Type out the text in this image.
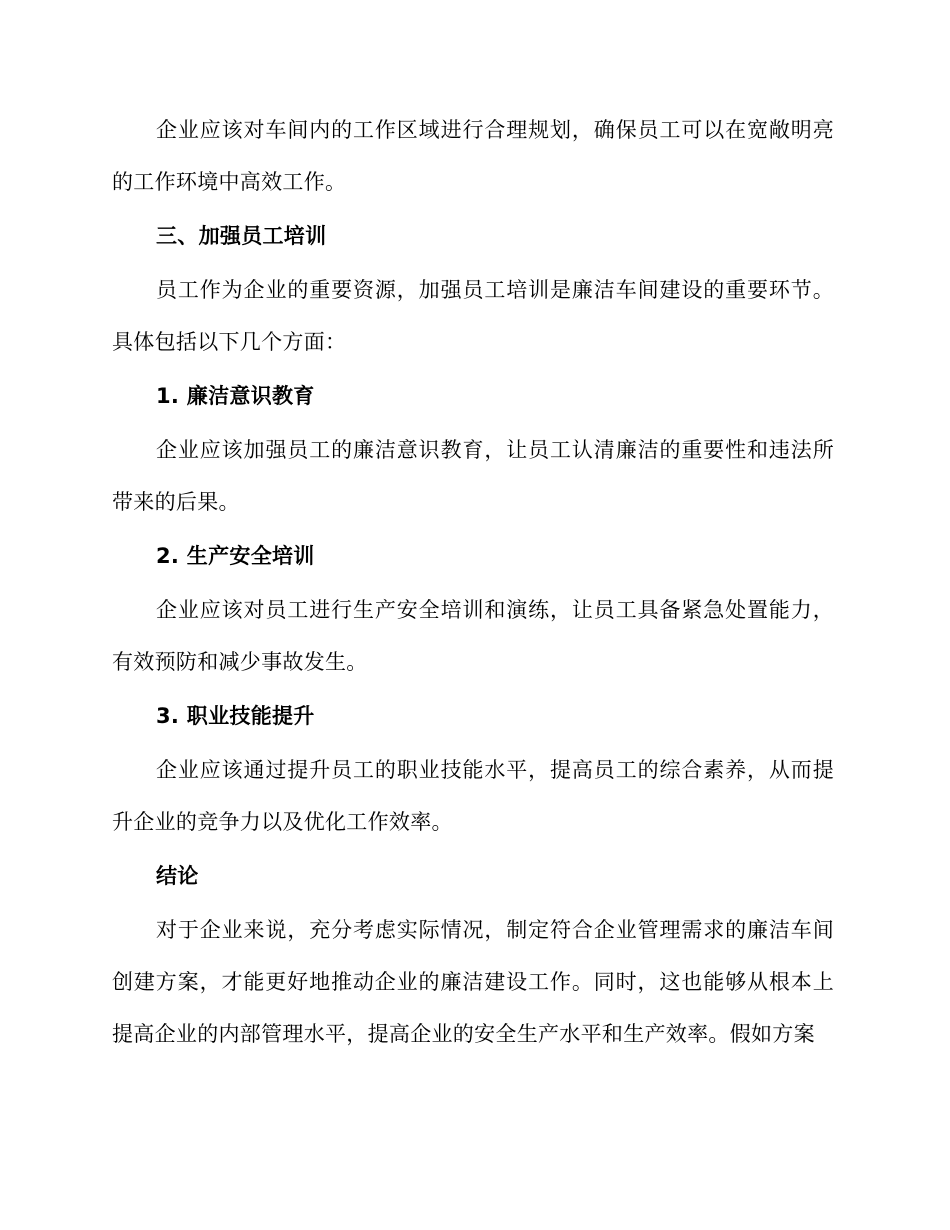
企业应该对车间内的工作区域进行合理规划，确保员工可以在宽敞明亮的工作环境中高效工作。

三、加强员工培训

员工作为企业的重要资源，加强员工培训是廉洁车间建设的重要环节。具体包括以下几个方面：

1. 廉洁意识教育

企业应该加强员工的廉洁意识教育，让员工认清廉洁的重要性和违法所带来的后果。

2. 生产安全培训

企业应该对员工进行生产安全培训和演练，让员工具备紧急处置能力，有效预防和减少事故发生。

3. 职业技能提升

企业应该通过提升员工的职业技能水平，提高员工的综合素养，从而提升企业的竞争力以及优化工作效率。

结论

对于企业来说，充分考虑实际情况，制定符合企业管理需求的廉洁车间创建方案，才能更好地推动企业的廉洁建设工作。同时，这也能够从根本上提高企业的内部管理水平，提高企业的安全生产水平和生产效率。假如方案
